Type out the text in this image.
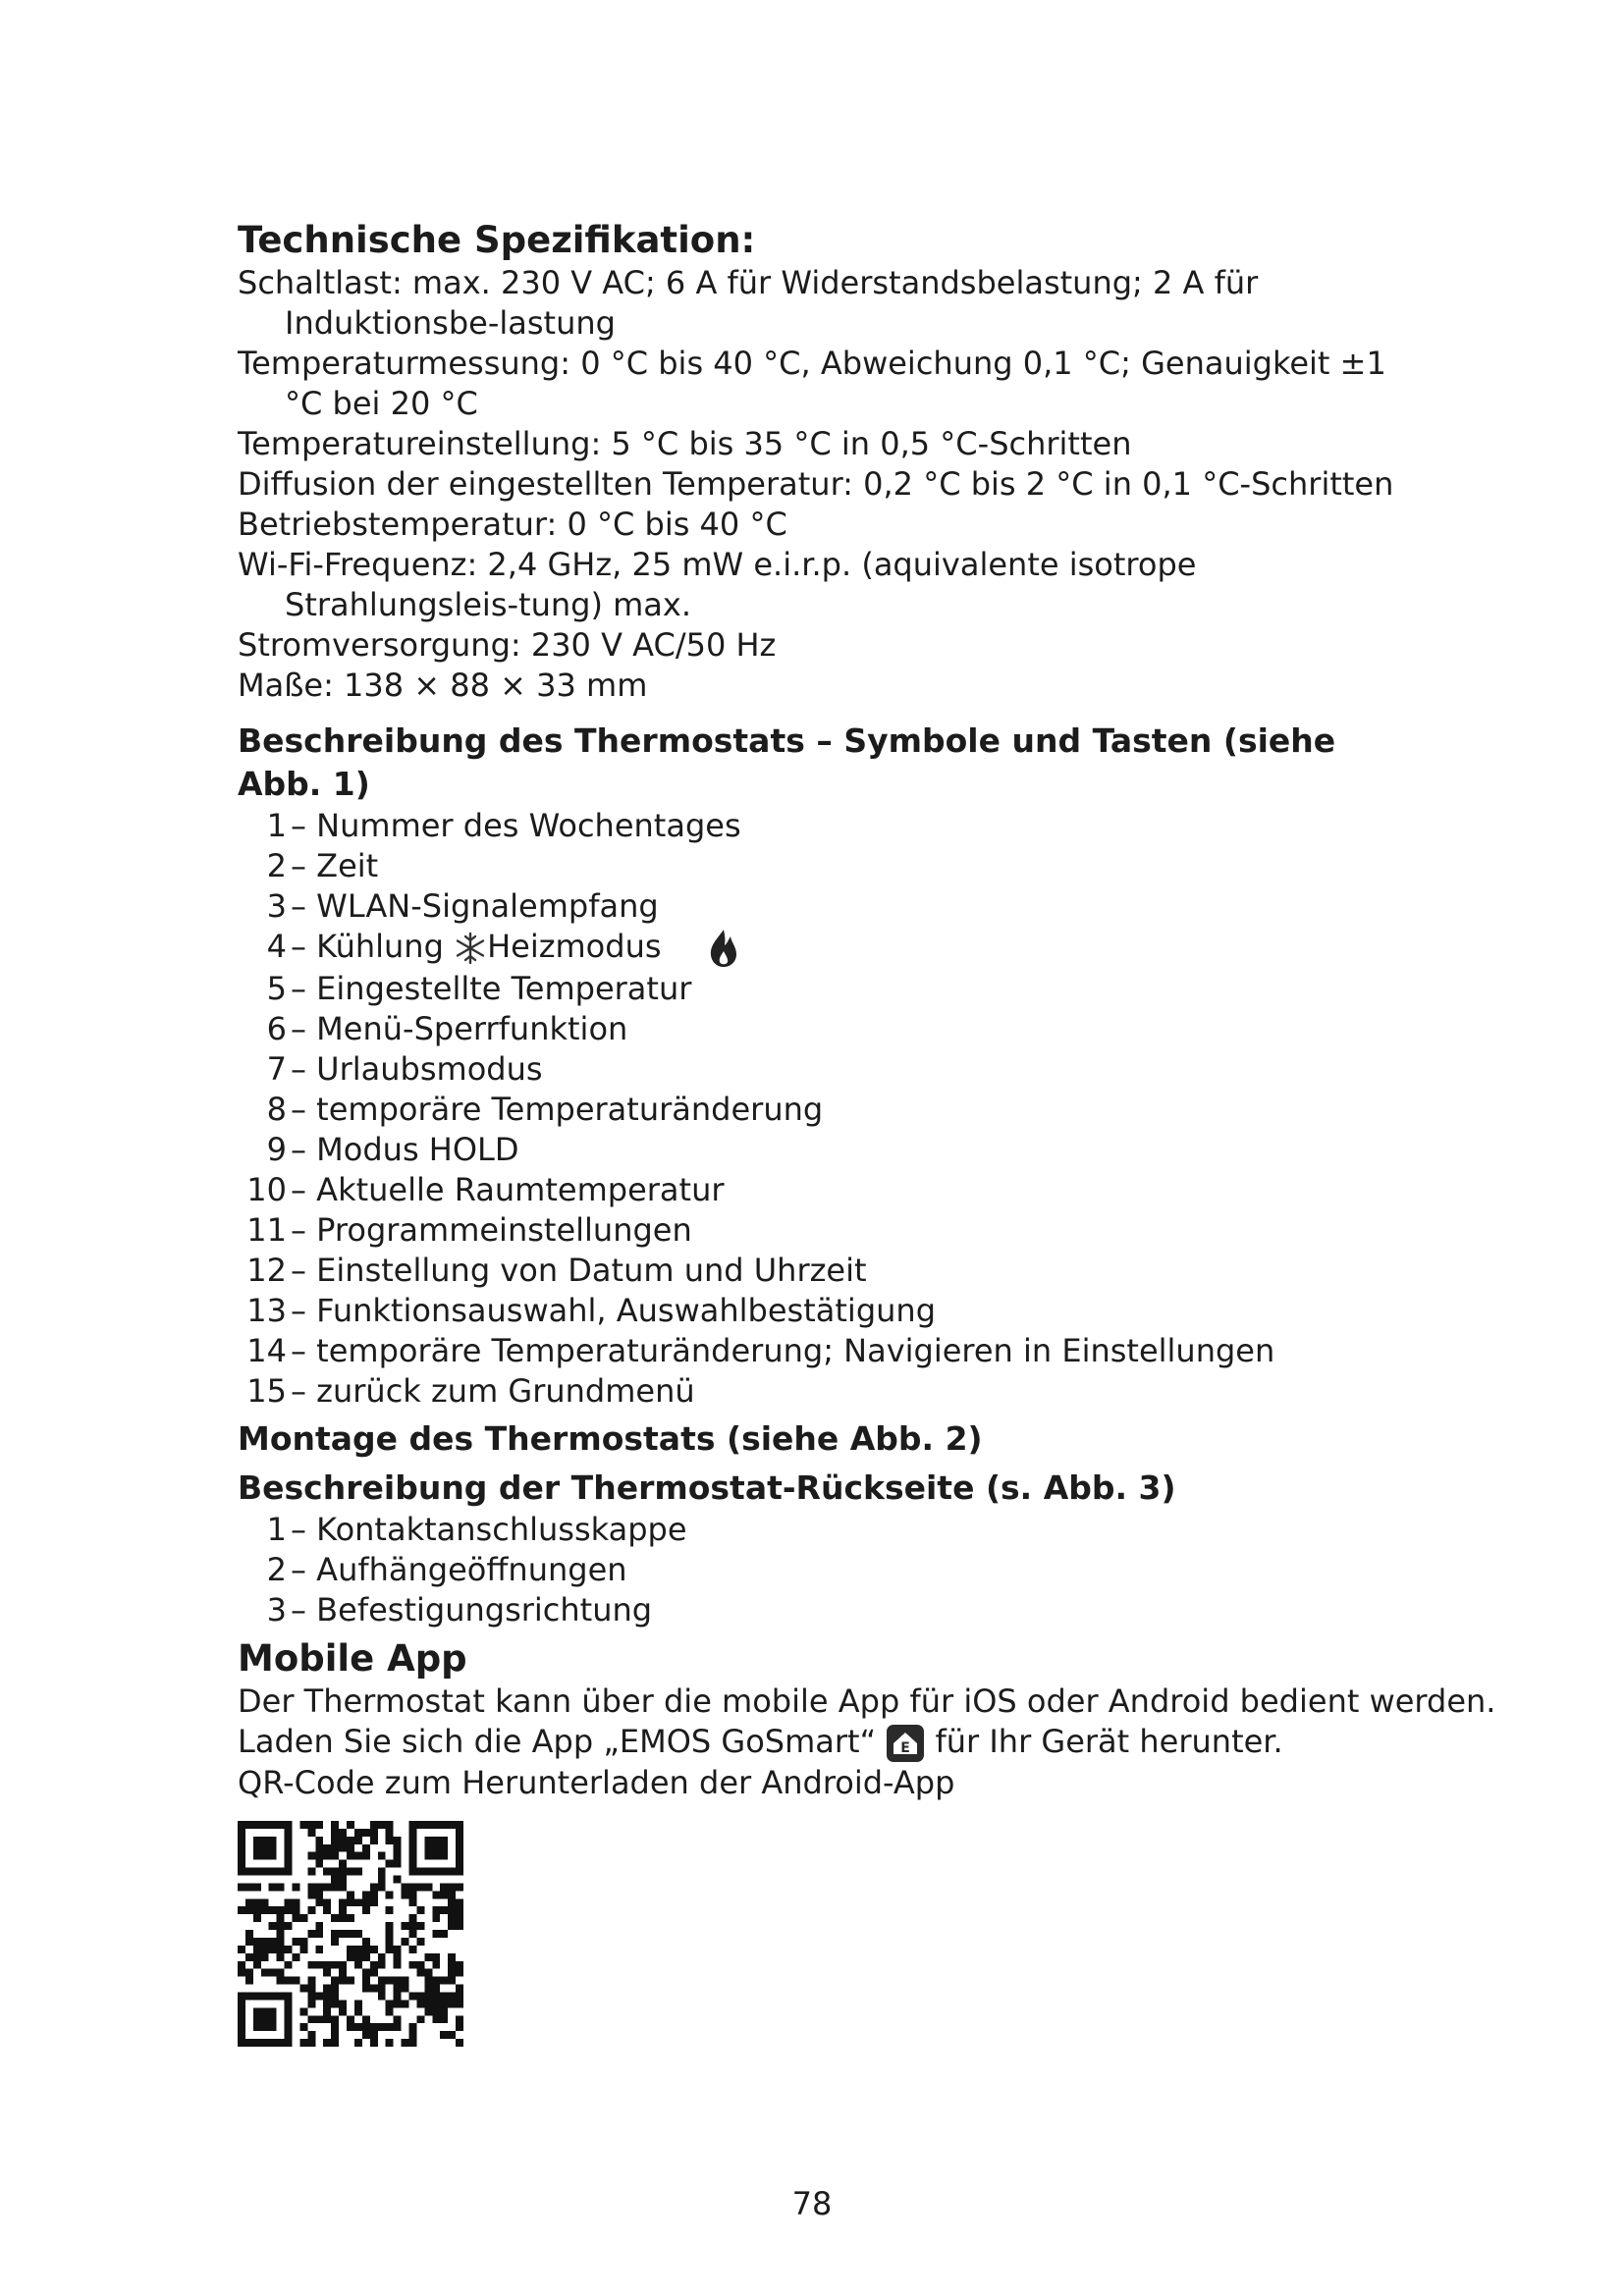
Technische Spezifikation:
Schaltlast: max. 230 V AC; 6 A für Widerstandsbelastung; 2 A für Induktionsbe-lastung
Temperaturmessung: 0 °C bis 40 °C, Abweichung 0,1 °C; Genauigkeit ±1 °C bei 20 °C
Temperatureinstellung: 5 °C bis 35 °C in 0,5 °C-Schritten
Diffusion der eingestellten Temperatur: 0,2 °C bis 2 °C in 0,1 °C-Schritten
Betriebstemperatur: 0 °C bis 40 °C
Wi-Fi-Frequenz: 2,4 GHz, 25 mW e.i.r.p. (aquivalente isotrope Strahlungsleis-tung) max.
Stromversorgung: 230 V AC/50 Hz
Maße: 138 × 88 × 33 mm
Beschreibung des Thermostats – Symbole und Tasten (siehe Abb. 1)
1 – Nummer des Wochentages
2 – Zeit
3 – WLAN-Signalempfang
4 – Kühlung Heizmodus
5 – Eingestellte Temperatur
6 – Menü-Sperrfunktion
7 – Urlaubsmodus
8 – temporäre Temperaturänderung
9 – Modus HOLD
10 – Aktuelle Raumtemperatur
11 – Programmeinstellungen
12 – Einstellung von Datum und Uhrzeit
13 – Funktionsauswahl, Auswahlbestätigung
14 – temporäre Temperaturänderung; Navigieren in Einstellungen
15 – zurück zum Grundmenü
Montage des Thermostats (siehe Abb. 2)
Beschreibung der Thermostat-Rückseite (s. Abb. 3)
1 – Kontaktanschlusskappe
2 – Aufhängeöffnungen
3 – Befestigungsrichtung
Mobile App
Der Thermostat kann über die mobile App für iOS oder Android bedient werden.
Laden Sie sich die App „EMOS GoSmart“ E für Ihr Gerät herunter.
QR-Code zum Herunterladen der Android-App
78
